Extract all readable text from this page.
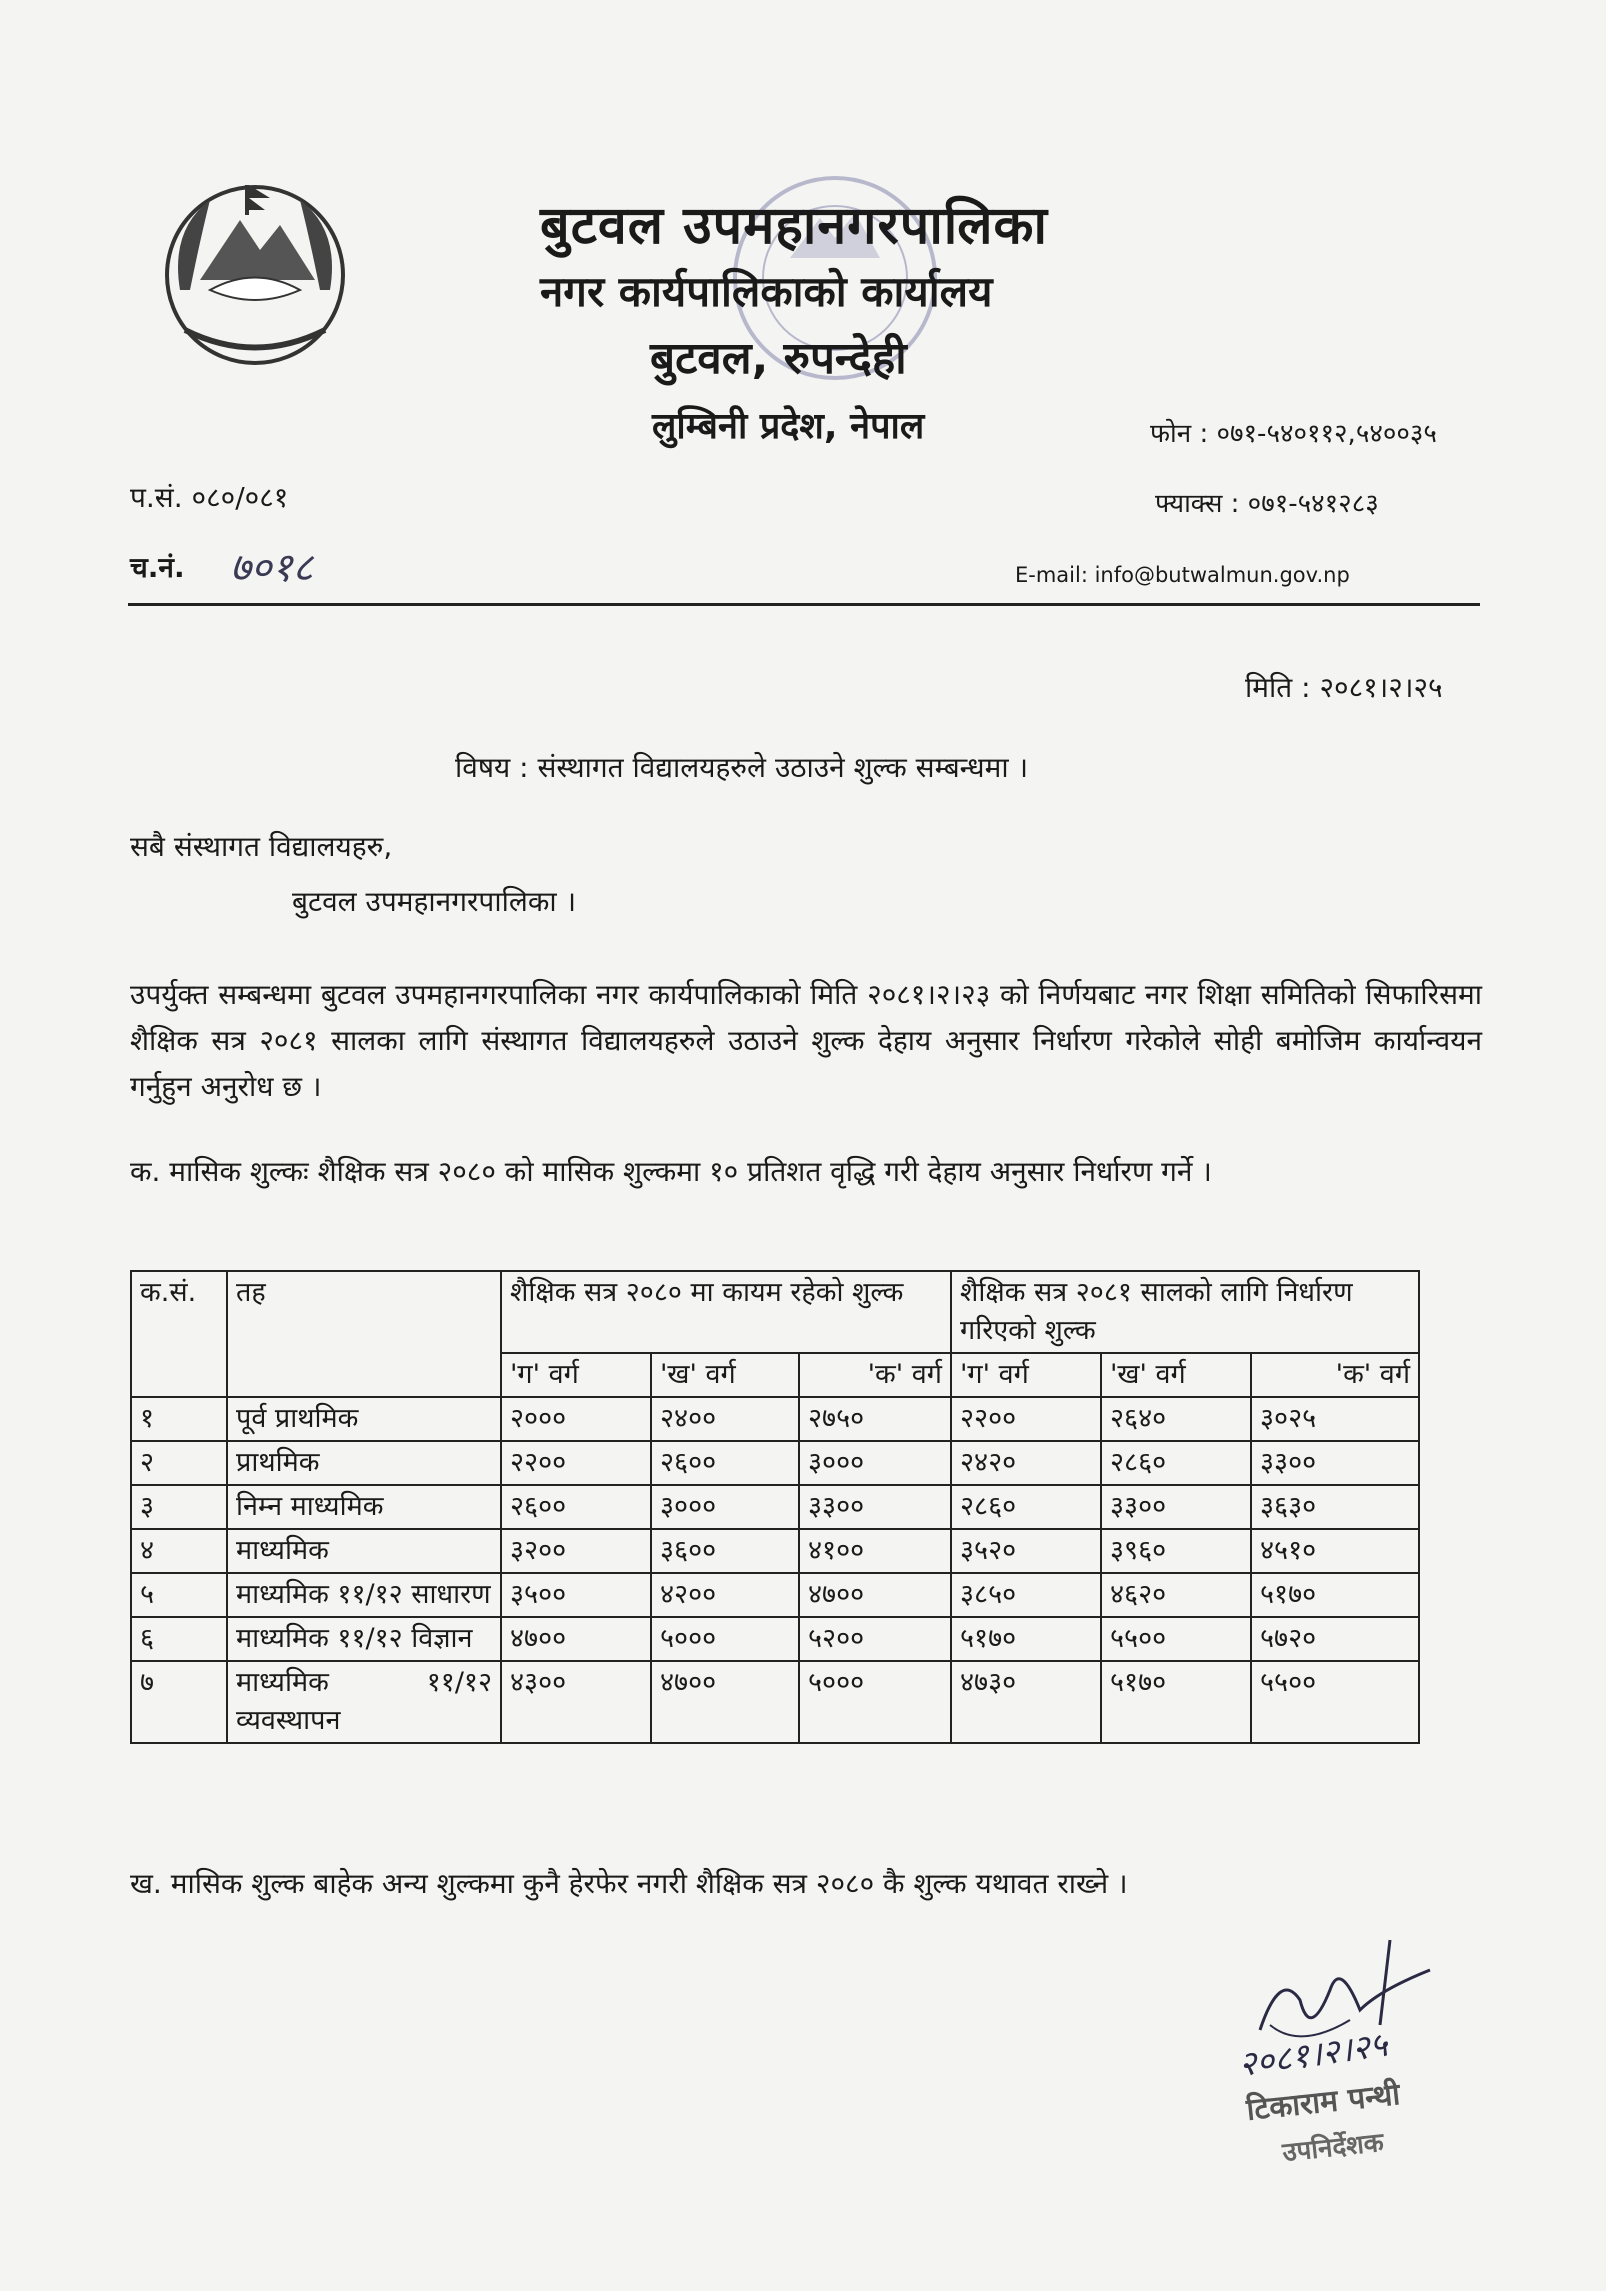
बुटवल उपमहानगरपालिका
नगर कार्यपालिकाको कार्यालय
बुटवल, रुपन्देही
लुम्बिनी प्रदेश, नेपाल	फोन : ०७१-५४०११२,५४००३५
फ्याक्स : ०७१-५४१२८३
E-mail: info@butwalmun.gov.np
प.सं. ०८०/०८१
च.नं. ७०१८
मिति : २०८१।२।२५
विषय : संस्थागत विद्यालयहरुले उठाउने शुल्क सम्बन्धमा ।
सबै संस्थागत विद्यालयहरु,
बुटवल उपमहानगरपालिका ।
उपर्युक्त सम्बन्धमा बुटवल उपमहानगरपालिका नगर कार्यपालिकाको मिति २०८१।२।२३ को निर्णयबाट नगर शिक्षा समितिको सिफारिसमा शैक्षिक सत्र २०८१ सालका लागि संस्थागत विद्यालयहरुले उठाउने शुल्क देहाय अनुसार निर्धारण गरेकोले सोही बमोजिम कार्यान्वयन गर्नुहुन अनुरोध छ ।
क. मासिक शुल्कः शैक्षिक सत्र २०८० को मासिक शुल्कमा १० प्रतिशत वृद्धि गरी देहाय अनुसार निर्धारण गर्ने ।
क.सं.	तह	शैक्षिक सत्र २०८० मा कायम रहेको शुल्क			शैक्षिक सत्र २०८१ सालको लागि निर्धारण गरिएको शुल्क		
		'ग' वर्ग	'ख' वर्ग	'क' वर्ग	'ग' वर्ग	'ख' वर्ग	'क' वर्ग
१	पूर्व प्राथमिक	२०००	२४००	२७५०	२२००	२६४०	३०२५
२	प्राथमिक	२२००	२६००	३०००	२४२०	२८६०	३३००
३	निम्न माध्यमिक	२६००	३०००	३३००	२८६०	३३००	३६३०
४	माध्यमिक	३२००	३६००	४१००	३५२०	३९६०	४५१०
५	माध्यमिक ११/१२ साधारण	३५००	४२००	४७००	३८५०	४६२०	५१७०
६	माध्यमिक ११/१२ विज्ञान	४७००	५०००	५२००	५१७०	५५००	५७२०
७	माध्यमिक ११/१२ व्यवस्थापन	४३००	४७००	५०००	४७३०	५१७०	५५००
ख. मासिक शुल्क बाहेक अन्य शुल्कमा कुनै हेरफेर नगरी शैक्षिक सत्र २०८० कै शुल्क यथावत राख्ने ।
२०८१।२।२५
टिकाराम पन्थी
उपनिर्देशक
